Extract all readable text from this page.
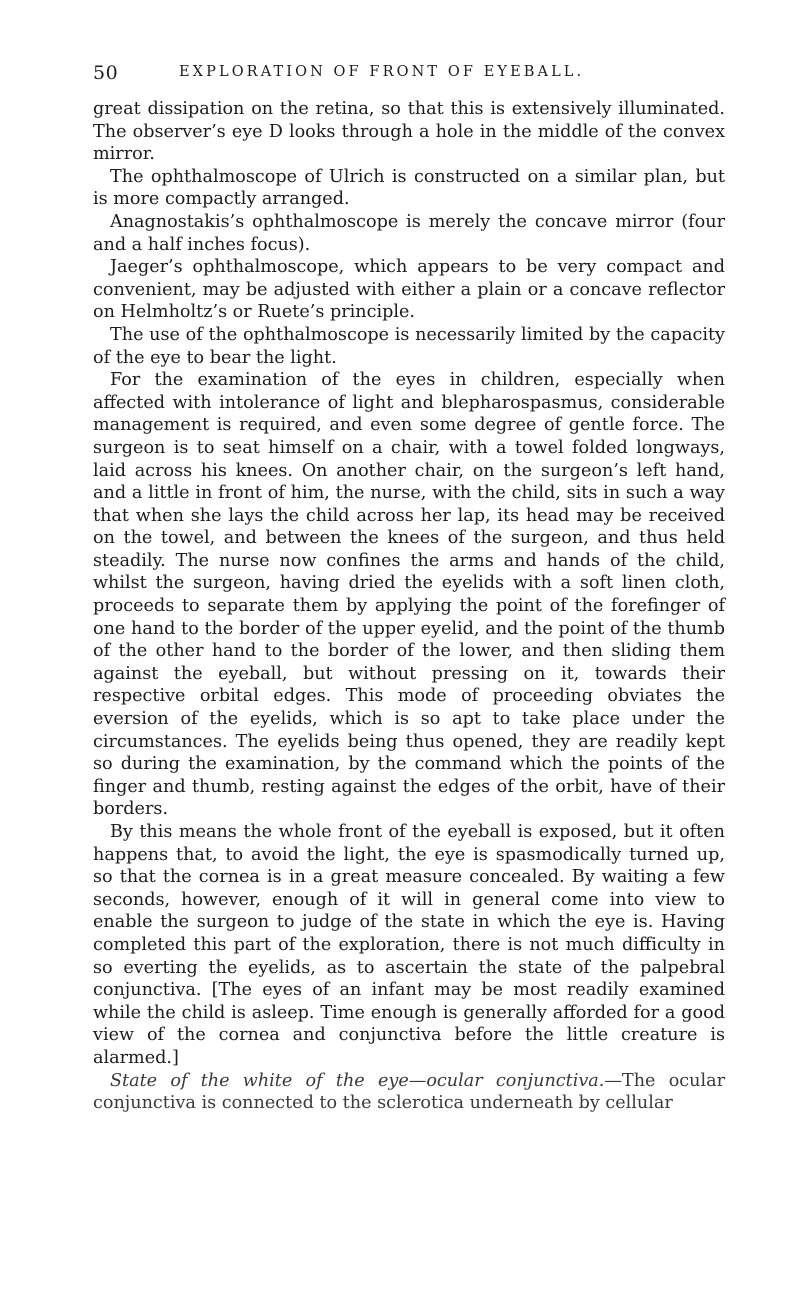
50	EXPLORATION OF FRONT OF EYEBALL.

great dissipation on the retina, so that this is extensively illuminated. The observer’s eye D looks through a hole in the middle of the convex mirror.

The ophthalmoscope of Ulrich is constructed on a similar plan, but is more compactly arranged.

Anagnostakis’s ophthalmoscope is merely the concave mirror (four and a half inches focus).

Jaeger’s ophthalmoscope, which appears to be very compact and convenient, may be adjusted with either a plain or a concave reflector on Helmholtz’s or Ruete’s principle.

The use of the ophthalmoscope is necessarily limited by the capacity of the eye to bear the light.

For the examination of the eyes in children, especially when affected with intolerance of light and blepharospasmus, considerable management is required, and even some degree of gentle force. The surgeon is to seat himself on a chair, with a towel folded longways, laid across his knees. On another chair, on the surgeon’s left hand, and a little in front of him, the nurse, with the child, sits in such a way that when she lays the child across her lap, its head may be received on the towel, and between the knees of the surgeon, and thus held steadily. The nurse now confines the arms and hands of the child, whilst the surgeon, having dried the eyelids with a soft linen cloth, proceeds to separate them by applying the point of the forefinger of one hand to the border of the upper eyelid, and the point of the thumb of the other hand to the border of the lower, and then sliding them against the eyeball, but without pressing on it, towards their respective orbital edges. This mode of proceeding obviates the eversion of the eyelids, which is so apt to take place under the circumstances. The eyelids being thus opened, they are readily kept so during the examination, by the command which the points of the finger and thumb, resting against the edges of the orbit, have of their borders.

By this means the whole front of the eyeball is exposed, but it often happens that, to avoid the light, the eye is spasmodically turned up, so that the cornea is in a great measure concealed. By waiting a few seconds, however, enough of it will in general come into view to enable the surgeon to judge of the state in which the eye is. Having completed this part of the exploration, there is not much difficulty in so everting the eyelids, as to ascertain the state of the palpebral conjunctiva. [The eyes of an infant may be most readily examined while the child is asleep. Time enough is generally afforded for a good view of the cornea and conjunctiva before the little creature is alarmed.]

State of the white of the eye—ocular conjunctiva.—The ocular conjunctiva is connected to the sclerotica underneath by cellular
